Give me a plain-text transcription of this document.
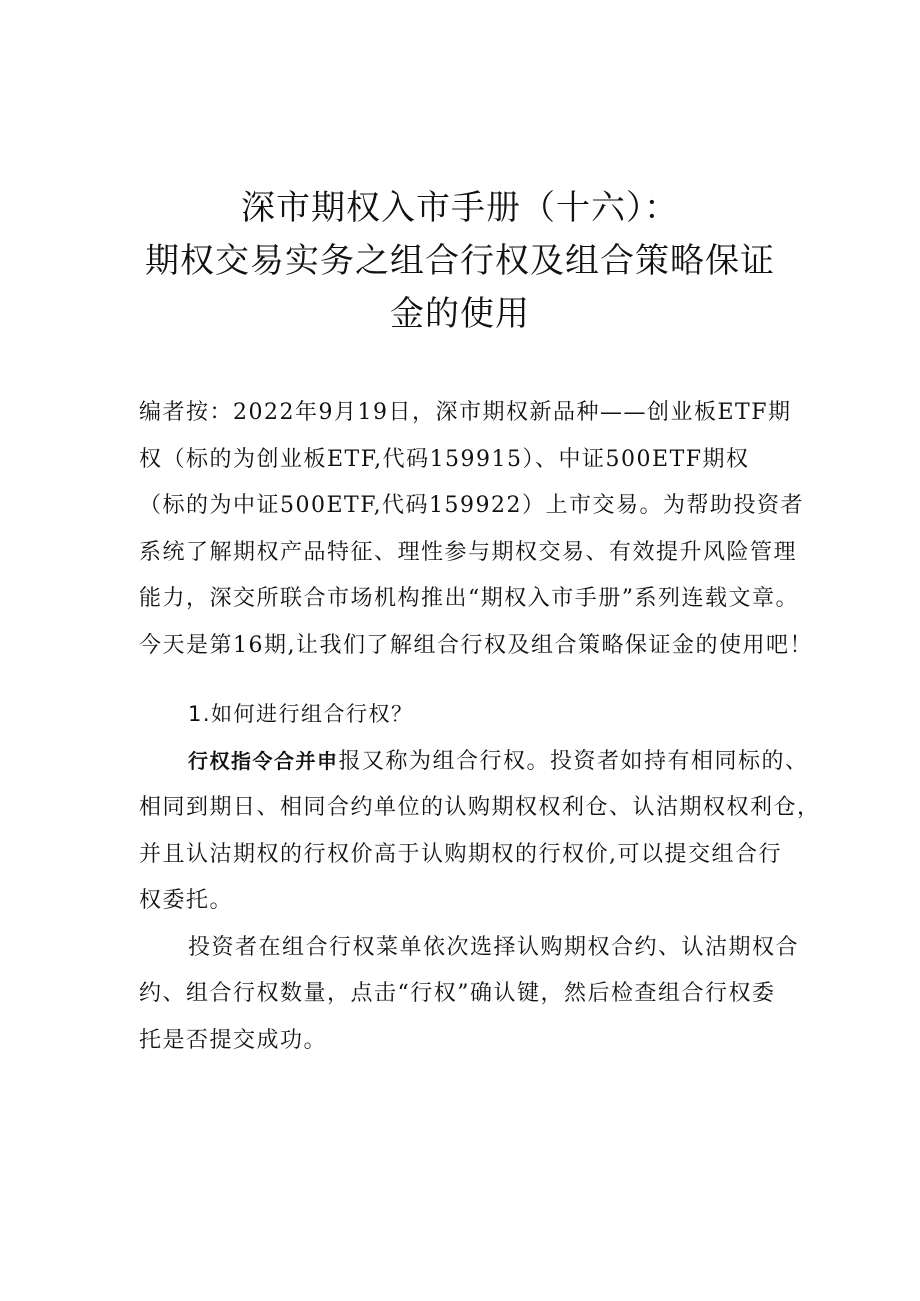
深市期权入市手册（十六）：
期权交易实务之组合行权及组合策略保证
金的使用
编者按：2022年9月19日，深市期权新品种——创业板ETF期
权（标的为创业板ETF,代码159915）、中证500ETF期权
（标的为中证500ETF,代码159922）上市交易。为帮助投资者
系统了解期权产品特征、理性参与期权交易、有效提升风险管理
能力，深交所联合市场机构推出“期权入市手册”系列连载文章。
今天是第16期,让我们了解组合行权及组合策略保证金的使用吧！
1.如何进行组合行权？
行权指令合并申报又称为组合行权。投资者如持有相同标的、
相同到期日、相同合约单位的认购期权权利仓、认沽期权权利仓，
并且认沽期权的行权价高于认购期权的行权价,可以提交组合行
权委托。
投资者在组合行权菜单依次选择认购期权合约、认沽期权合
约、组合行权数量，点击“行权”确认键，然后检查组合行权委
托是否提交成功。
